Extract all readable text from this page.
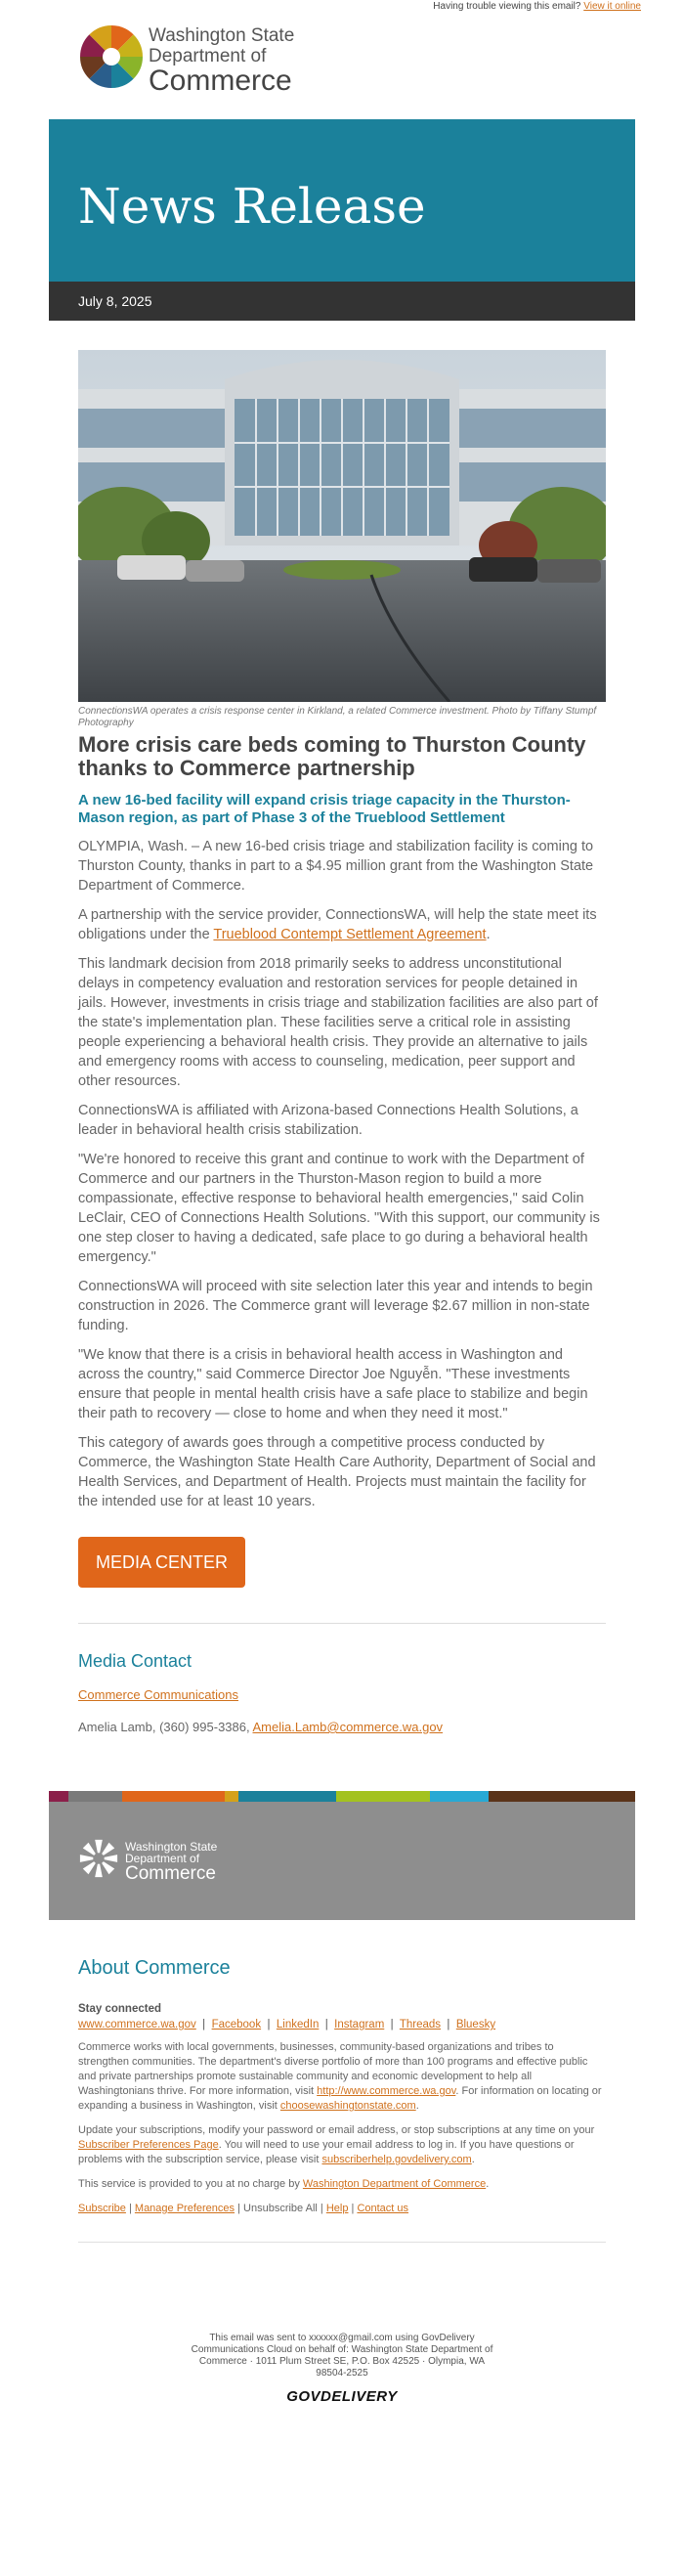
Having trouble viewing this email? View it online
Washington State
Department of
Commerce
News Release
July 8, 2025
ConnectionsWA operates a crisis response center in Kirkland, a related Commerce investment. Photo by Tiffany Stumpf Photography
More crisis care beds coming to Thurston County thanks to Commerce partnership
A new 16-bed facility will expand crisis triage capacity in the Thurston-Mason region, as part of Phase 3 of the Trueblood Settlement

OLYMPIA, Wash. – A new 16-bed crisis triage and stabilization facility is coming to Thurston County, thanks in part to a $4.95 million grant from the Washington State Department of Commerce.

A partnership with the service provider, ConnectionsWA, will help the state meet its obligations under the Trueblood Contempt Settlement Agreement.

This landmark decision from 2018 primarily seeks to address unconstitutional delays in competency evaluation and restoration services for people detained in jails. However, investments in crisis triage and stabilization facilities are also part of the state's implementation plan. These facilities serve a critical role in assisting people experiencing a behavioral health crisis. They provide an alternative to jails and emergency rooms with access to counseling, medication, peer support and other resources.

ConnectionsWA is affiliated with Arizona-based Connections Health Solutions, a leader in behavioral health crisis stabilization.

"We're honored to receive this grant and continue to work with the Department of Commerce and our partners in the Thurston-Mason region to build a more compassionate, effective response to behavioral health emergencies," said Colin LeClair, CEO of Connections Health Solutions. "With this support, our community is one step closer to having a dedicated, safe place to go during a behavioral health emergency."

ConnectionsWA will proceed with site selection later this year and intends to begin construction in 2026. The Commerce grant will leverage $2.67 million in non-state funding.

"We know that there is a crisis in behavioral health access in Washington and across the country," said Commerce Director Joe Nguyễn. "These investments ensure that people in mental health crisis have a safe place to stabilize and begin their path to recovery — close to home and when they need it most."

This category of awards goes through a competitive process conducted by Commerce, the Washington State Health Care Authority, Department of Social and Health Services, and Department of Health. Projects must maintain the facility for the intended use for at least 10 years.

MEDIA CENTER
Media Contact
Commerce Communications
Amelia Lamb, (360) 995-3386, Amelia.Lamb@commerce.wa.gov
Washington State
Department of
Commerce
About Commerce
Stay connected
www.commerce.wa.gov  |  Facebook  |  LinkedIn  |  Instagram  |  Threads  |  Bluesky

Commerce works with local governments, businesses, community-based organizations and tribes to strengthen communities. The department's diverse portfolio of more than 100 programs and effective public and private partnerships promote sustainable community and economic development to help all Washingtonians thrive. For more information, visit http://www.commerce.wa.gov. For information on locating or expanding a business in Washington, visit choosewashingtonstate.com.

Update your subscriptions, modify your password or email address, or stop subscriptions at any time on your Subscriber Preferences Page. You will need to use your email address to log in. If you have questions or problems with the subscription service, please visit subscriberhelp.govdelivery.com.

This service is provided to you at no charge by Washington Department of Commerce.

Subscribe | Manage Preferences | Unsubscribe All | Help | Contact us

This email was sent to xxxxxx@gmail.com using GovDelivery Communications Cloud on behalf of: Washington State Department of Commerce · 1011 Plum Street SE, P.O. Box 42525 · Olympia, WA 98504-2525
GOVDELIVERY
